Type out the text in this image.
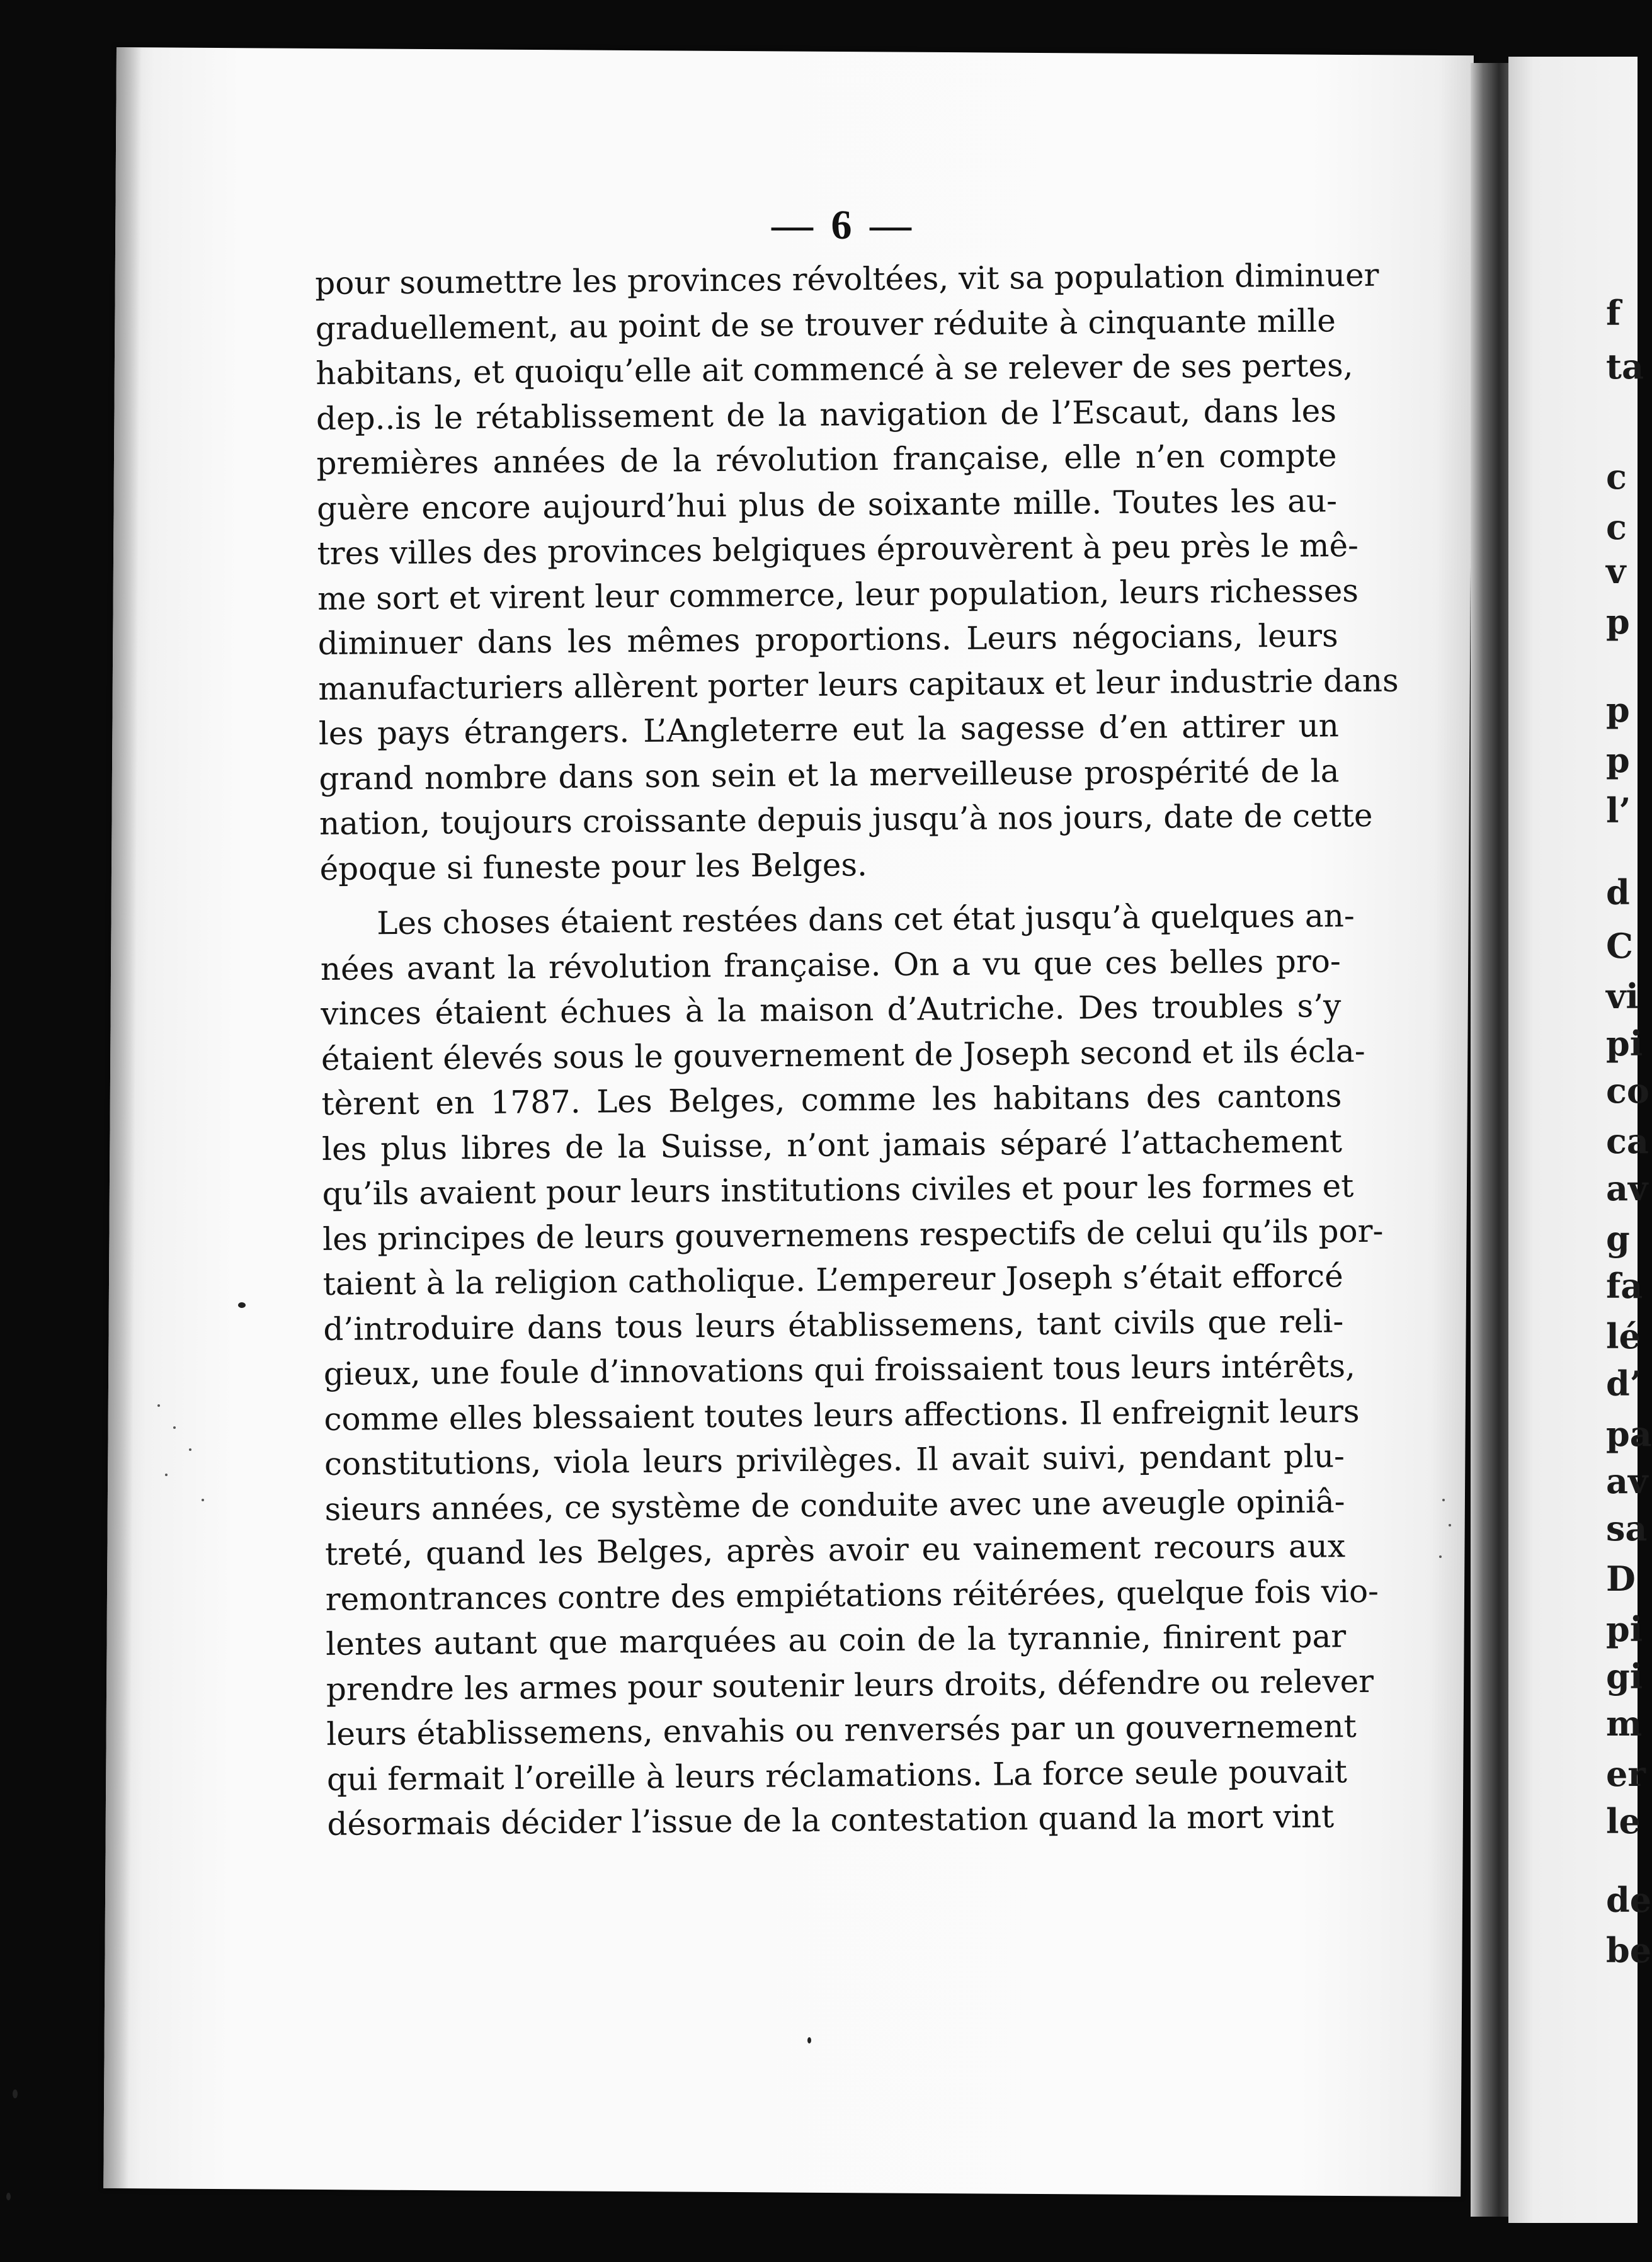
f
ta
c
c
v
p
p
p
l’
d
C
vi
pi
co
ca
av
g
fa
lé
d’
pa
av
sa
D
pi
gi
m
er
le
de
be
— 6 —
pour soumettre les provinces révoltées, vit sa population diminuer
graduellement, au point de se trouver réduite à cinquante mille
habitans, et quoiqu’elle ait commencé à se relever de ses pertes,
dep..is le rétablissement de la navigation de l’Escaut, dans les
premières années de la révolution française, elle n’en compte
guère encore aujourd’hui plus de soixante mille. Toutes les au-
tres villes des provinces belgiques éprouvèrent à peu près le mê-
me sort et virent leur commerce, leur population, leurs richesses
diminuer dans les mêmes proportions. Leurs négocians, leurs
manufacturiers allèrent porter leurs capitaux et leur industrie dans
les pays étrangers. L’Angleterre eut la sagesse d’en attirer un
grand nombre dans son sein et la merveilleuse prospérité de la
nation, toujours croissante depuis jusqu’à nos jours, date de cette
époque si funeste pour les Belges.
Les choses étaient restées dans cet état jusqu’à quelques an-
nées avant la révolution française. On a vu que ces belles pro-
vinces étaient échues à la maison d’Autriche. Des troubles s’y
étaient élevés sous le gouvernement de Joseph second et ils écla-
tèrent en 1787. Les Belges, comme les habitans des cantons
les plus libres de la Suisse, n’ont jamais séparé l’attachement
qu’ils avaient pour leurs institutions civiles et pour les formes et
les principes de leurs gouvernemens respectifs de celui qu’ils por-
taient à la religion catholique. L’empereur Joseph s’était efforcé
d’introduire dans tous leurs établissemens, tant civils que reli-
gieux, une foule d’innovations qui froissaient tous leurs intérêts,
comme elles blessaient toutes leurs affections. Il enfreignit leurs
constitutions, viola leurs privilèges. Il avait suivi, pendant plu-
sieurs années, ce système de conduite avec une aveugle opiniâ-
treté, quand les Belges, après avoir eu vainement recours aux
remontrances contre des empiétations réitérées, quelque fois vio-
lentes autant que marquées au coin de la tyrannie, finirent par
prendre les armes pour soutenir leurs droits, défendre ou relever
leurs établissemens, envahis ou renversés par un gouvernement
qui fermait l’oreille à leurs réclamations. La force seule pouvait
désormais décider l’issue de la contestation quand la mort vint
